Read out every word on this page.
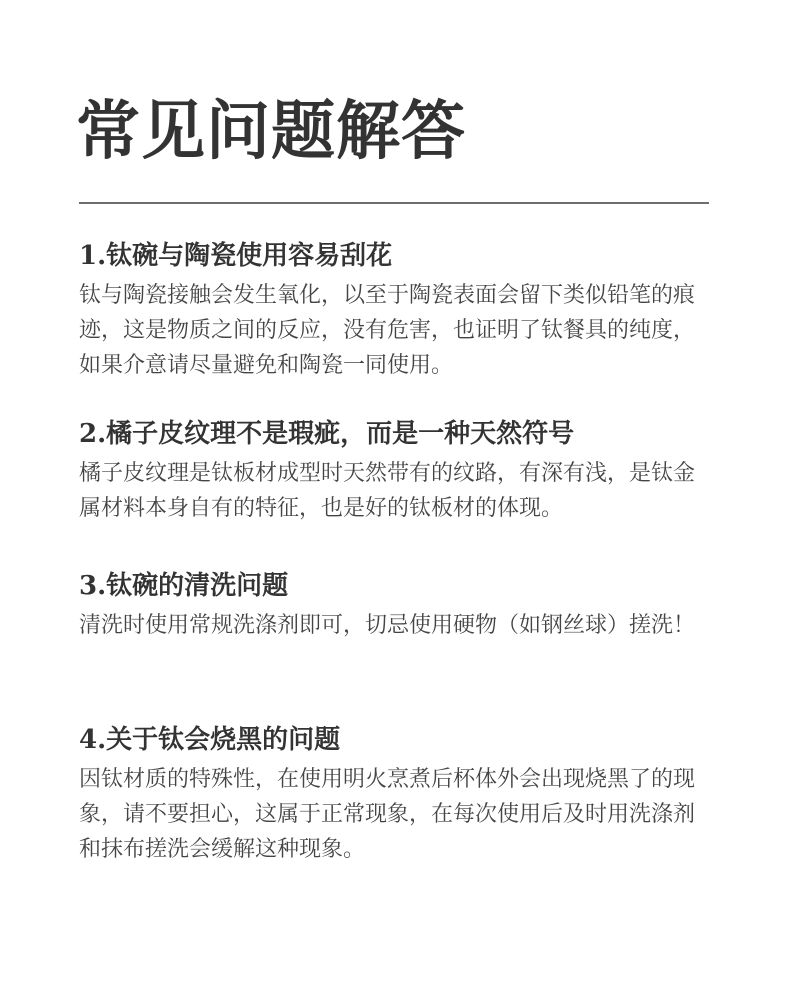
常见问题解答
1.钛碗与陶瓷使用容易刮花

钛与陶瓷接触会发生氧化，以至于陶瓷表面会留下类似铅笔的痕迹，这是物质之间的反应，没有危害，也证明了钛餐具的纯度，如果介意请尽量避免和陶瓷一同使用。

2.橘子皮纹理不是瑕疵，而是一种天然符号

橘子皮纹理是钛板材成型时天然带有的纹路，有深有浅，是钛金属材料本身自有的特征，也是好的钛板材的体现。

3.钛碗的清洗问题

清洗时使用常规洗涤剂即可，切忌使用硬物（如钢丝球）搓洗！

4.关于钛会烧黑的问题

因钛材质的特殊性，在使用明火烹煮后杯体外会出现烧黑了的现象，请不要担心，这属于正常现象，在每次使用后及时用洗涤剂和抹布搓洗会缓解这种现象。
